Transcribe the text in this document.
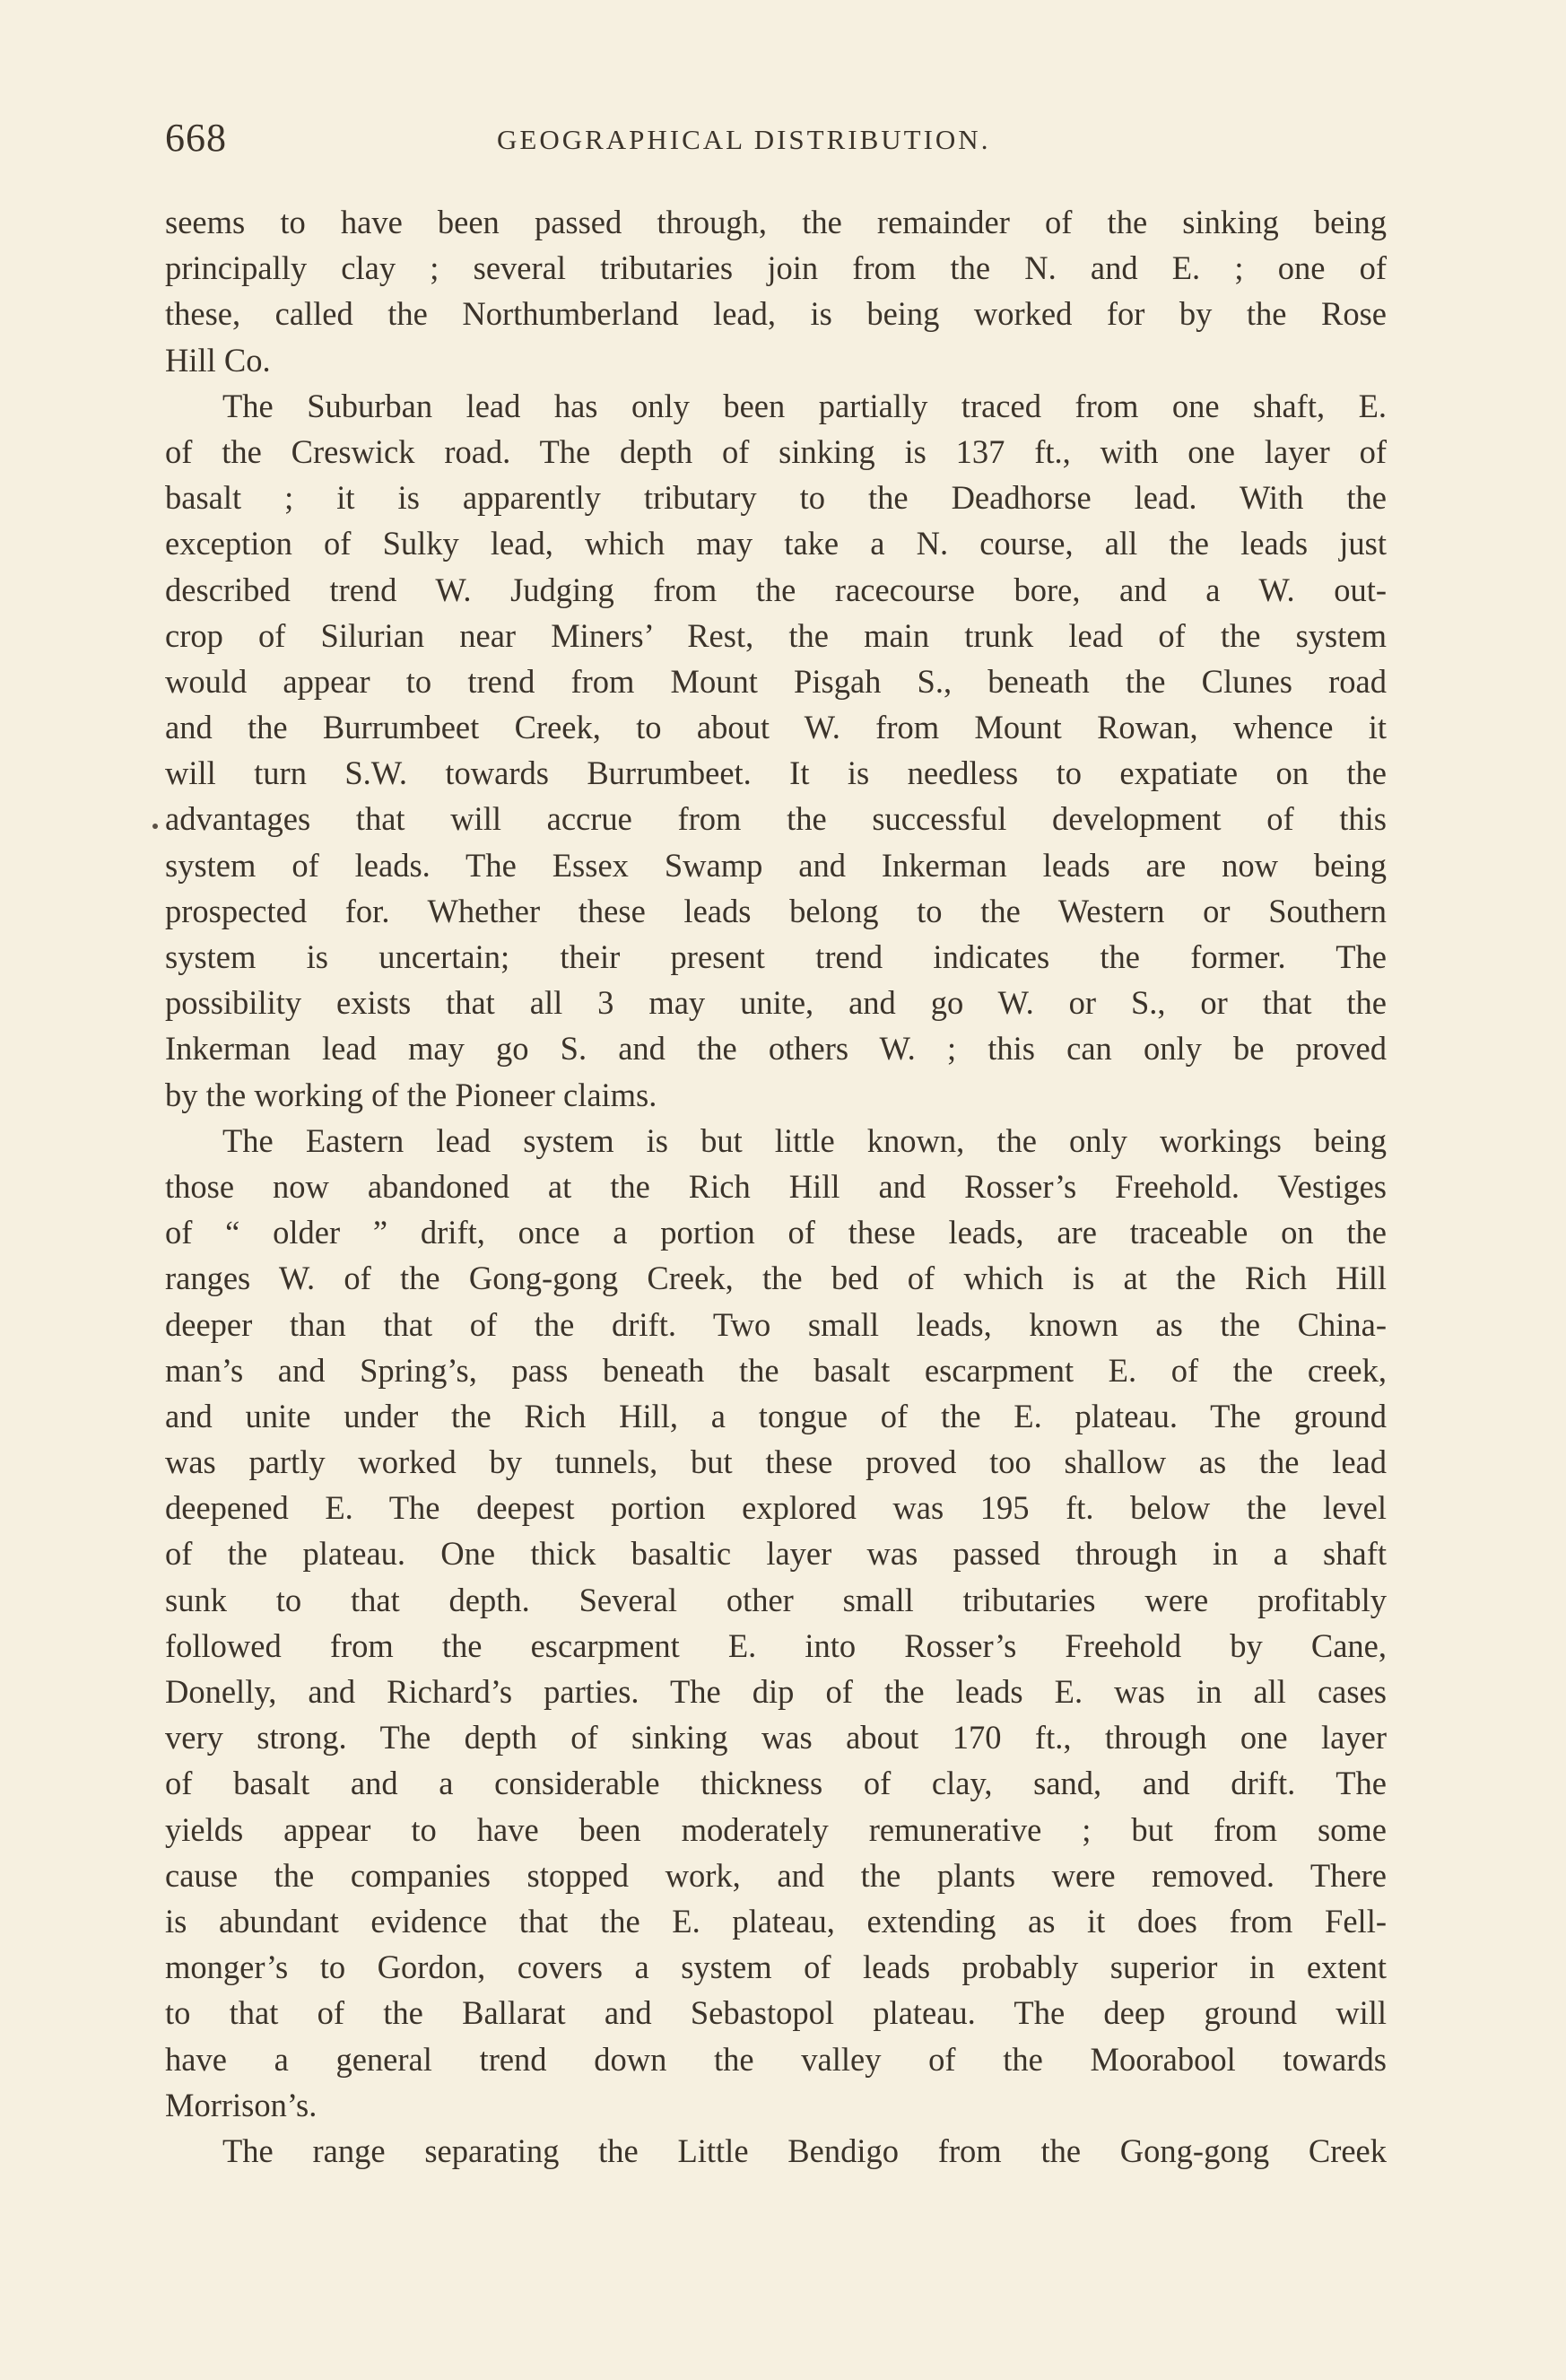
668	GEOGRAPHICAL DISTRIBUTION.
seems to have been passed through, the remainder of the sinking being
principally clay ; several tributaries join from the N. and E. ; one of
these, called the Northumberland lead, is being worked for by the Rose
Hill Co.
The Suburban lead has only been partially traced from one shaft, E.
of the Creswick road. The depth of sinking is 137 ft., with one layer of
basalt ; it is apparently tributary to the Deadhorse lead. With the
exception of Sulky lead, which may take a N. course, all the leads just
described trend W. Judging from the racecourse bore, and a W. out-
crop of Silurian near Miners’ Rest, the main trunk lead of the system
would appear to trend from Mount Pisgah S., beneath the Clunes road
and the Burrumbeet Creek, to about W. from Mount Rowan, whence it
will turn S.W. towards Burrumbeet. It is needless to expatiate on the
advantages that will accrue from the successful development of this
system of leads. The Essex Swamp and Inkerman leads are now being
prospected for. Whether these leads belong to the Western or Southern
system is uncertain; their present trend indicates the former. The
possibility exists that all 3 may unite, and go W. or S., or that the
Inkerman lead may go S. and the others W. ; this can only be proved
by the working of the Pioneer claims.
The Eastern lead system is but little known, the only workings being
those now abandoned at the Rich Hill and Rosser’s Freehold. Vestiges
of “ older ” drift, once a portion of these leads, are traceable on the
ranges W. of the Gong-gong Creek, the bed of which is at the Rich Hill
deeper than that of the drift. Two small leads, known as the China-
man’s and Spring’s, pass beneath the basalt escarpment E. of the creek,
and unite under the Rich Hill, a tongue of the E. plateau. The ground
was partly worked by tunnels, but these proved too shallow as the lead
deepened E. The deepest portion explored was 195 ft. below the level
of the plateau. One thick basaltic layer was passed through in a shaft
sunk to that depth. Several other small tributaries were profitably
followed from the escarpment E. into Rosser’s Freehold by Cane,
Donelly, and Richard’s parties. The dip of the leads E. was in all cases
very strong. The depth of sinking was about 170 ft., through one layer
of basalt and a considerable thickness of clay, sand, and drift. The
yields appear to have been moderately remunerative ; but from some
cause the companies stopped work, and the plants were removed. There
is abundant evidence that the E. plateau, extending as it does from Fell-
monger’s to Gordon, covers a system of leads probably superior in extent
to that of the Ballarat and Sebastopol plateau. The deep ground will
have a general trend down the valley of the Moorabool towards
Morrison’s.
The range separating the Little Bendigo from the Gong-gong Creek
